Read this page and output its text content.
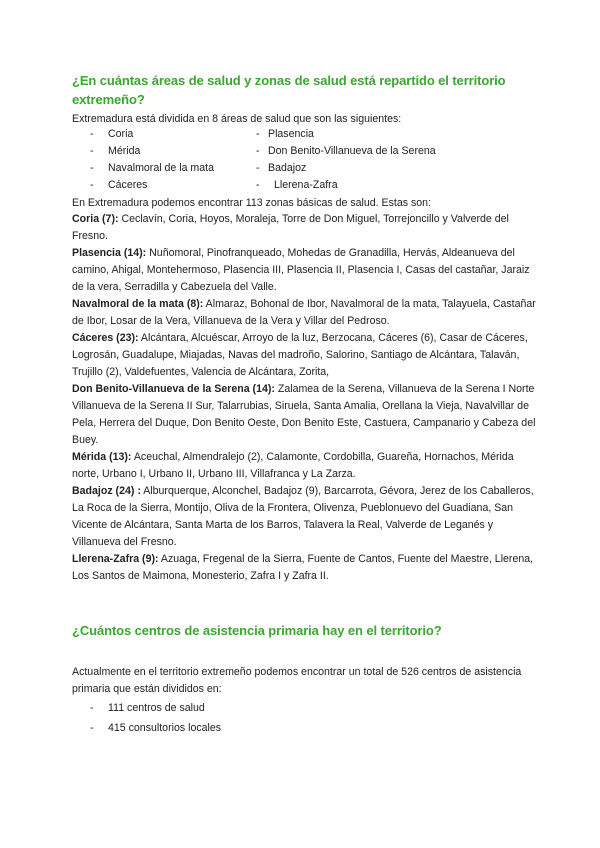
¿En cuántas áreas de salud y zonas de salud está repartido el territorio extremeño?

Extremadura está dividida en 8 áreas de salud que son las siguientes:

- Coria
- Mérida
- Navalmoral de la mata
- Cáceres
- Plasencia
- Don Benito-Villanueva de la Serena
- Badajoz
- Llerena-Zafra

En Extremadura podemos encontrar 113 zonas básicas de salud. Estas son:

Coria (7): Ceclavín, Coria, Hoyos, Moraleja, Torre de Don Miguel, Torrejoncillo y Valverde del Fresno.

Plasencia (14): Nuñomoral, Pinofranqueado, Mohedas de Granadilla, Hervás, Aldeanueva del camino, Ahigal, Montehermoso, Plasencia III, Plasencia II, Plasencia I, Casas del castañar, Jaraiz de la vera, Serradilla y Cabezuela del Valle.

Navalmoral de la mata (8): Almaraz, Bohonal de Ibor, Navalmoral de la mata, Talayuela, Castañar de Ibor, Losar de la Vera, Villanueva de la Vera y Villar del Pedroso.

Cáceres (23): Alcántara, Alcuéscar, Arroyo de la luz, Berzocana, Cáceres (6), Casar de Cáceres, Logrosán, Guadalupe, Miajadas, Navas del madroño, Salorino, Santiago de Alcántara, Talaván, Trujillo (2), Valdefuentes, Valencia de Alcántara, Zorita,

Don Benito-Villanueva de la Serena (14): Zalamea de la Serena, Villanueva de la Serena I Norte Villanueva de la Serena II Sur, Talarrubias, Siruela, Santa Amalia, Orellana la Vieja, Navalvillar de Pela, Herrera del Duque, Don Benito Oeste, Don Benito Este, Castuera, Campanario y Cabeza del Buey.

Mérida (13): Aceuchal, Almendralejo (2), Calamonte, Cordobilla, Guareña, Hornachos, Mérida norte, Urbano I, Urbano II, Urbano III, Villafranca y La Zarza.

Badajoz (24) : Alburquerque, Alconchel, Badajoz (9), Barcarrota, Gévora, Jerez de los Caballeros, La Roca de la Sierra, Montijo, Oliva de la Frontera, Olivenza, Pueblonuevo del Guadiana, San Vicente de Alcántara, Santa Marta de los Barros, Talavera la Real, Valverde de Leganés y Villanueva del Fresno.

Llerena-Zafra (9): Azuaga, Fregenal de la Sierra, Fuente de Cantos, Fuente del Maestre, Llerena, Los Santos de Maimona, Monesterio, Zafra I y Zafra II.

¿Cuántos centros de asistencia primaria hay en el territorio?

Actualmente en el territorio extremeño podemos encontrar un total de 526 centros de asistencia primaria que están divididos en:

- 111 centros de salud
- 415 consultorios locales
